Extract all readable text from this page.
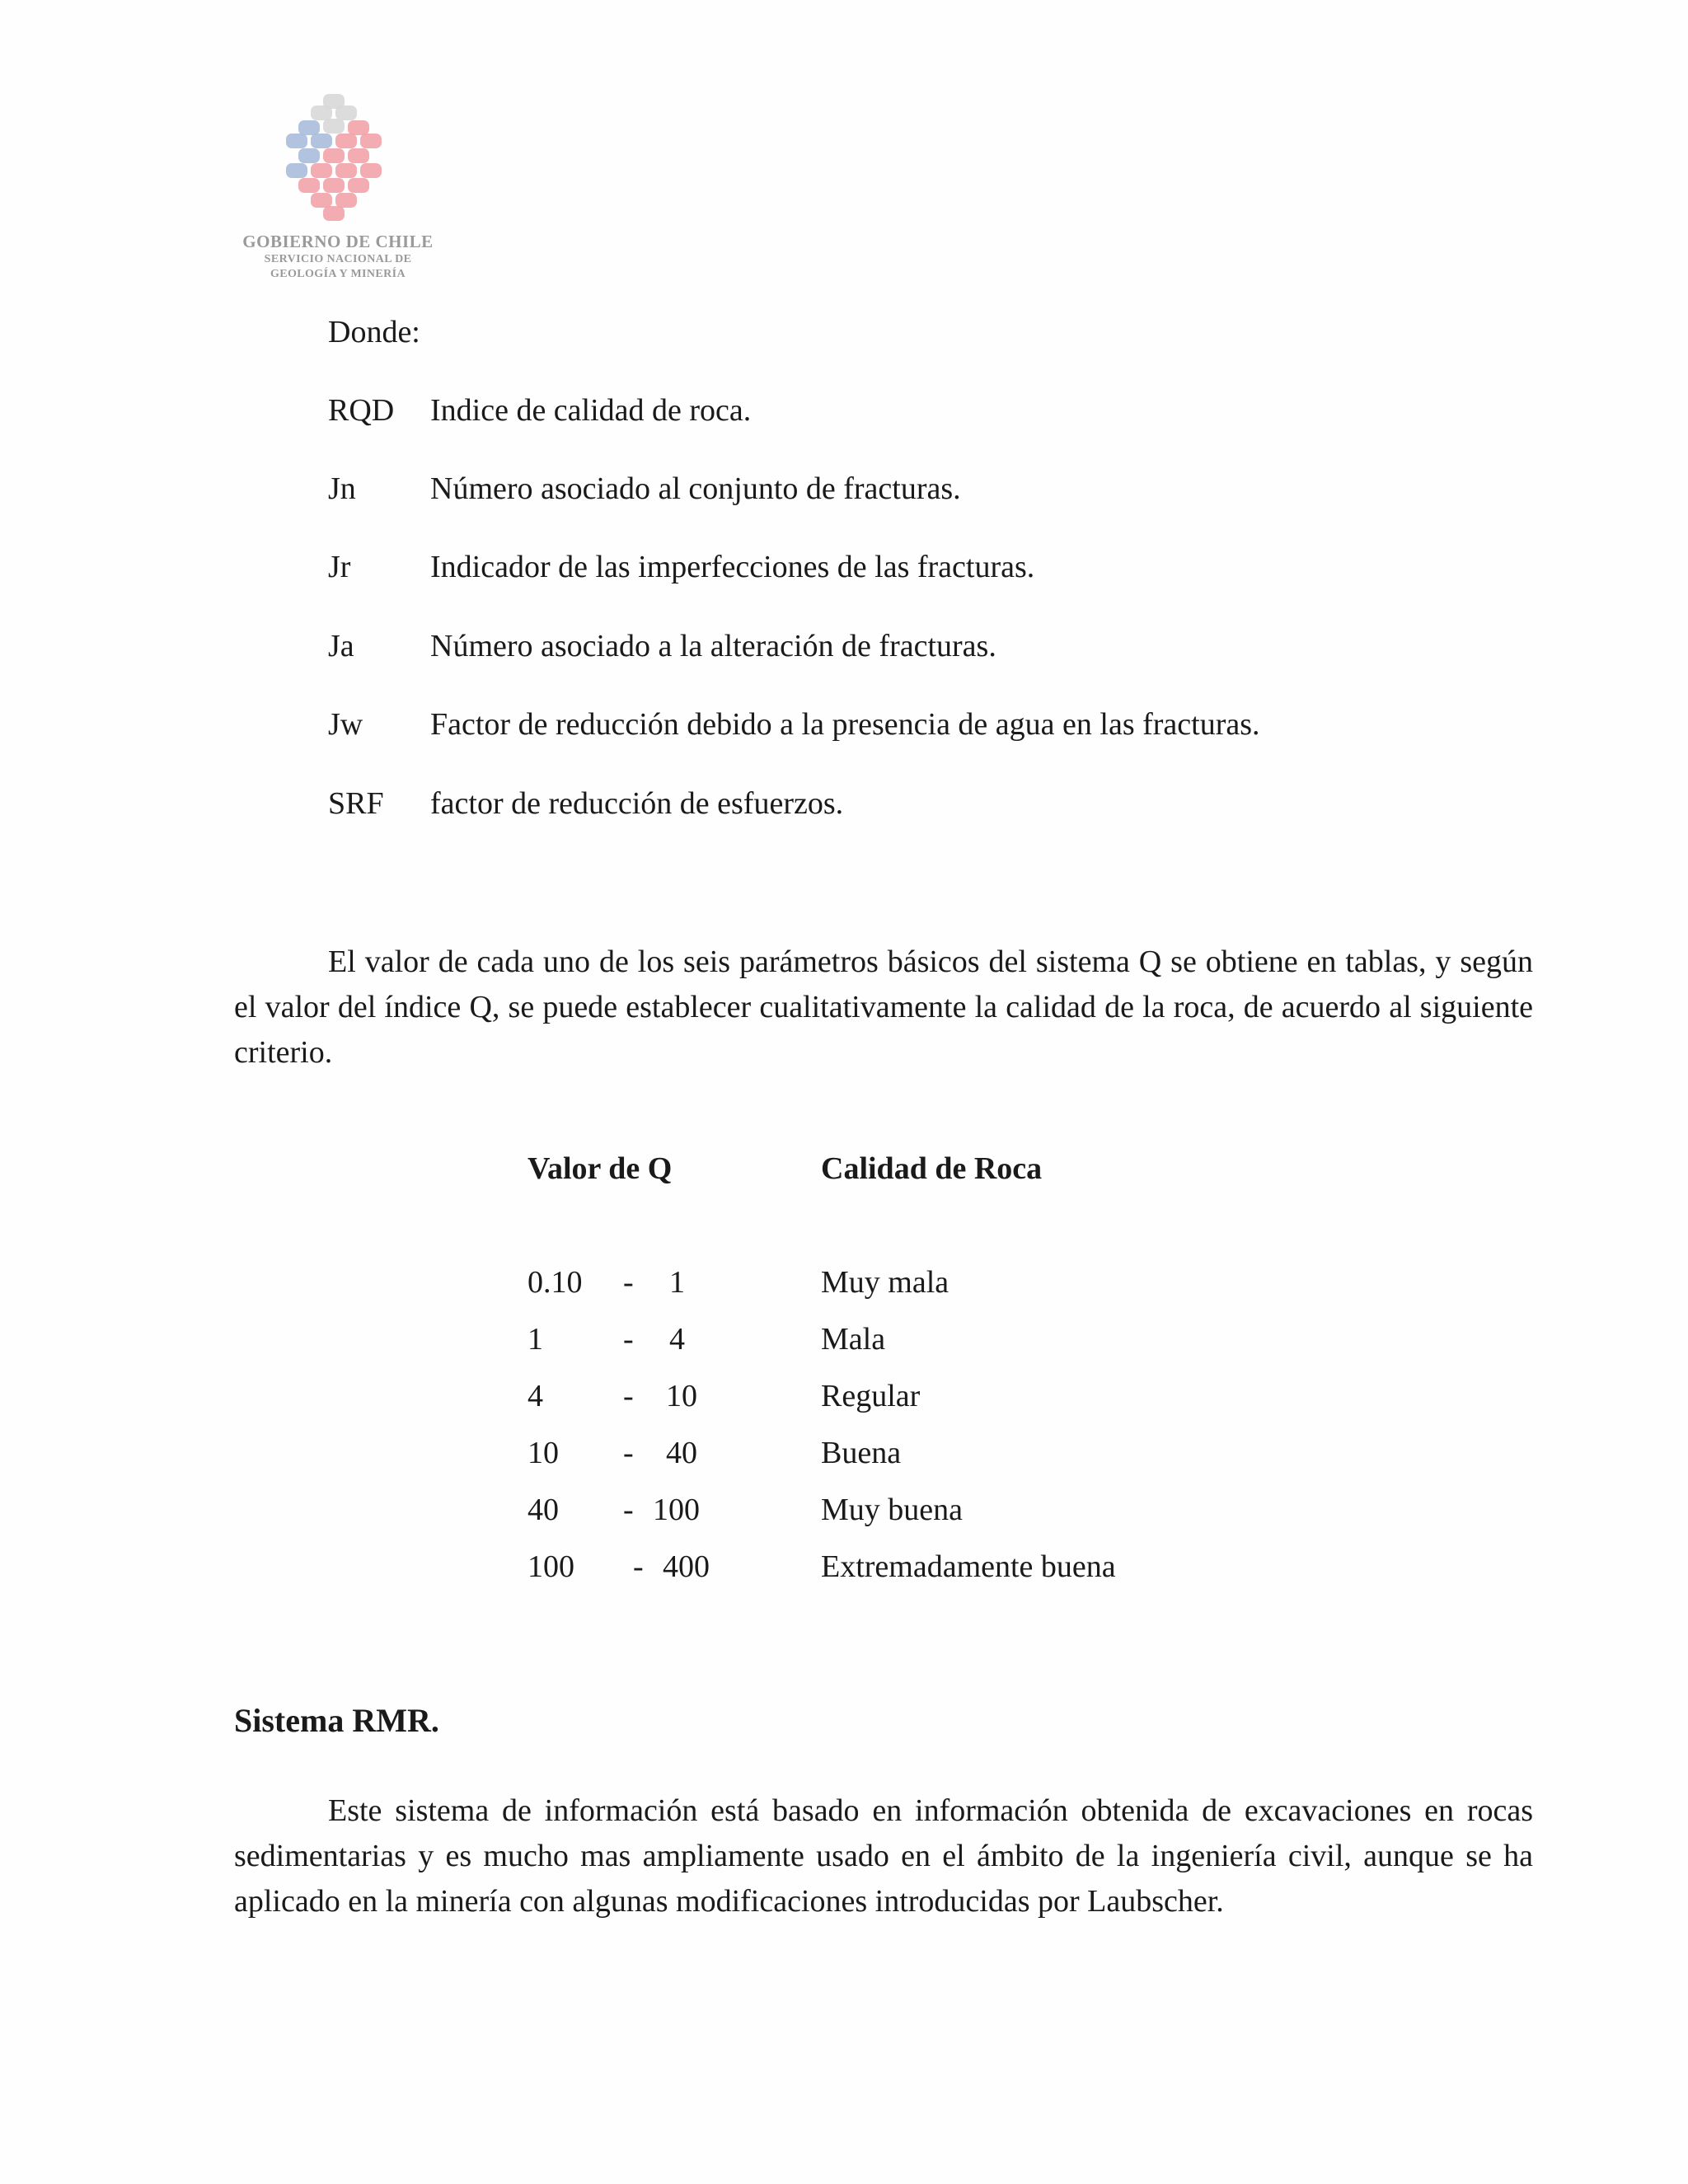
GOBIERNO DE CHILE
SERVICIO NACIONAL DE
GEOLOGÍA Y MINERÍA
Donde:
RQD Indice de calidad de roca.
Jn Número asociado al conjunto de fracturas.
Jr	Indicador de las imperfecciones de las fracturas.
Ja Número asociado a la alteración de fracturas.
Jw Factor de reducción debido a la presencia de agua en las fracturas.
SRF factor de reducción de esfuerzos.

El valor de cada uno de los seis parámetros básicos del sistema Q se obtiene en tablas, y según el valor del índice Q, se puede establecer cualitativamente la calidad de la roca, de acuerdo al siguiente criterio.

Valor de Q	Calidad de Roca
0.10 - 1	Muy mala
1	- 4	Mala
4	- 10	Regular
10 - 40	Buena
40 - 100	Muy buena
100 - 400	Extremadamente buena
Sistema RMR.

Este sistema de información está basado en información obtenida de excavaciones en rocas sedimentarias y es mucho mas ampliamente usado en el ámbito de la ingeniería civil, aunque se ha aplicado en la minería con algunas modificaciones introducidas por Laubscher.
